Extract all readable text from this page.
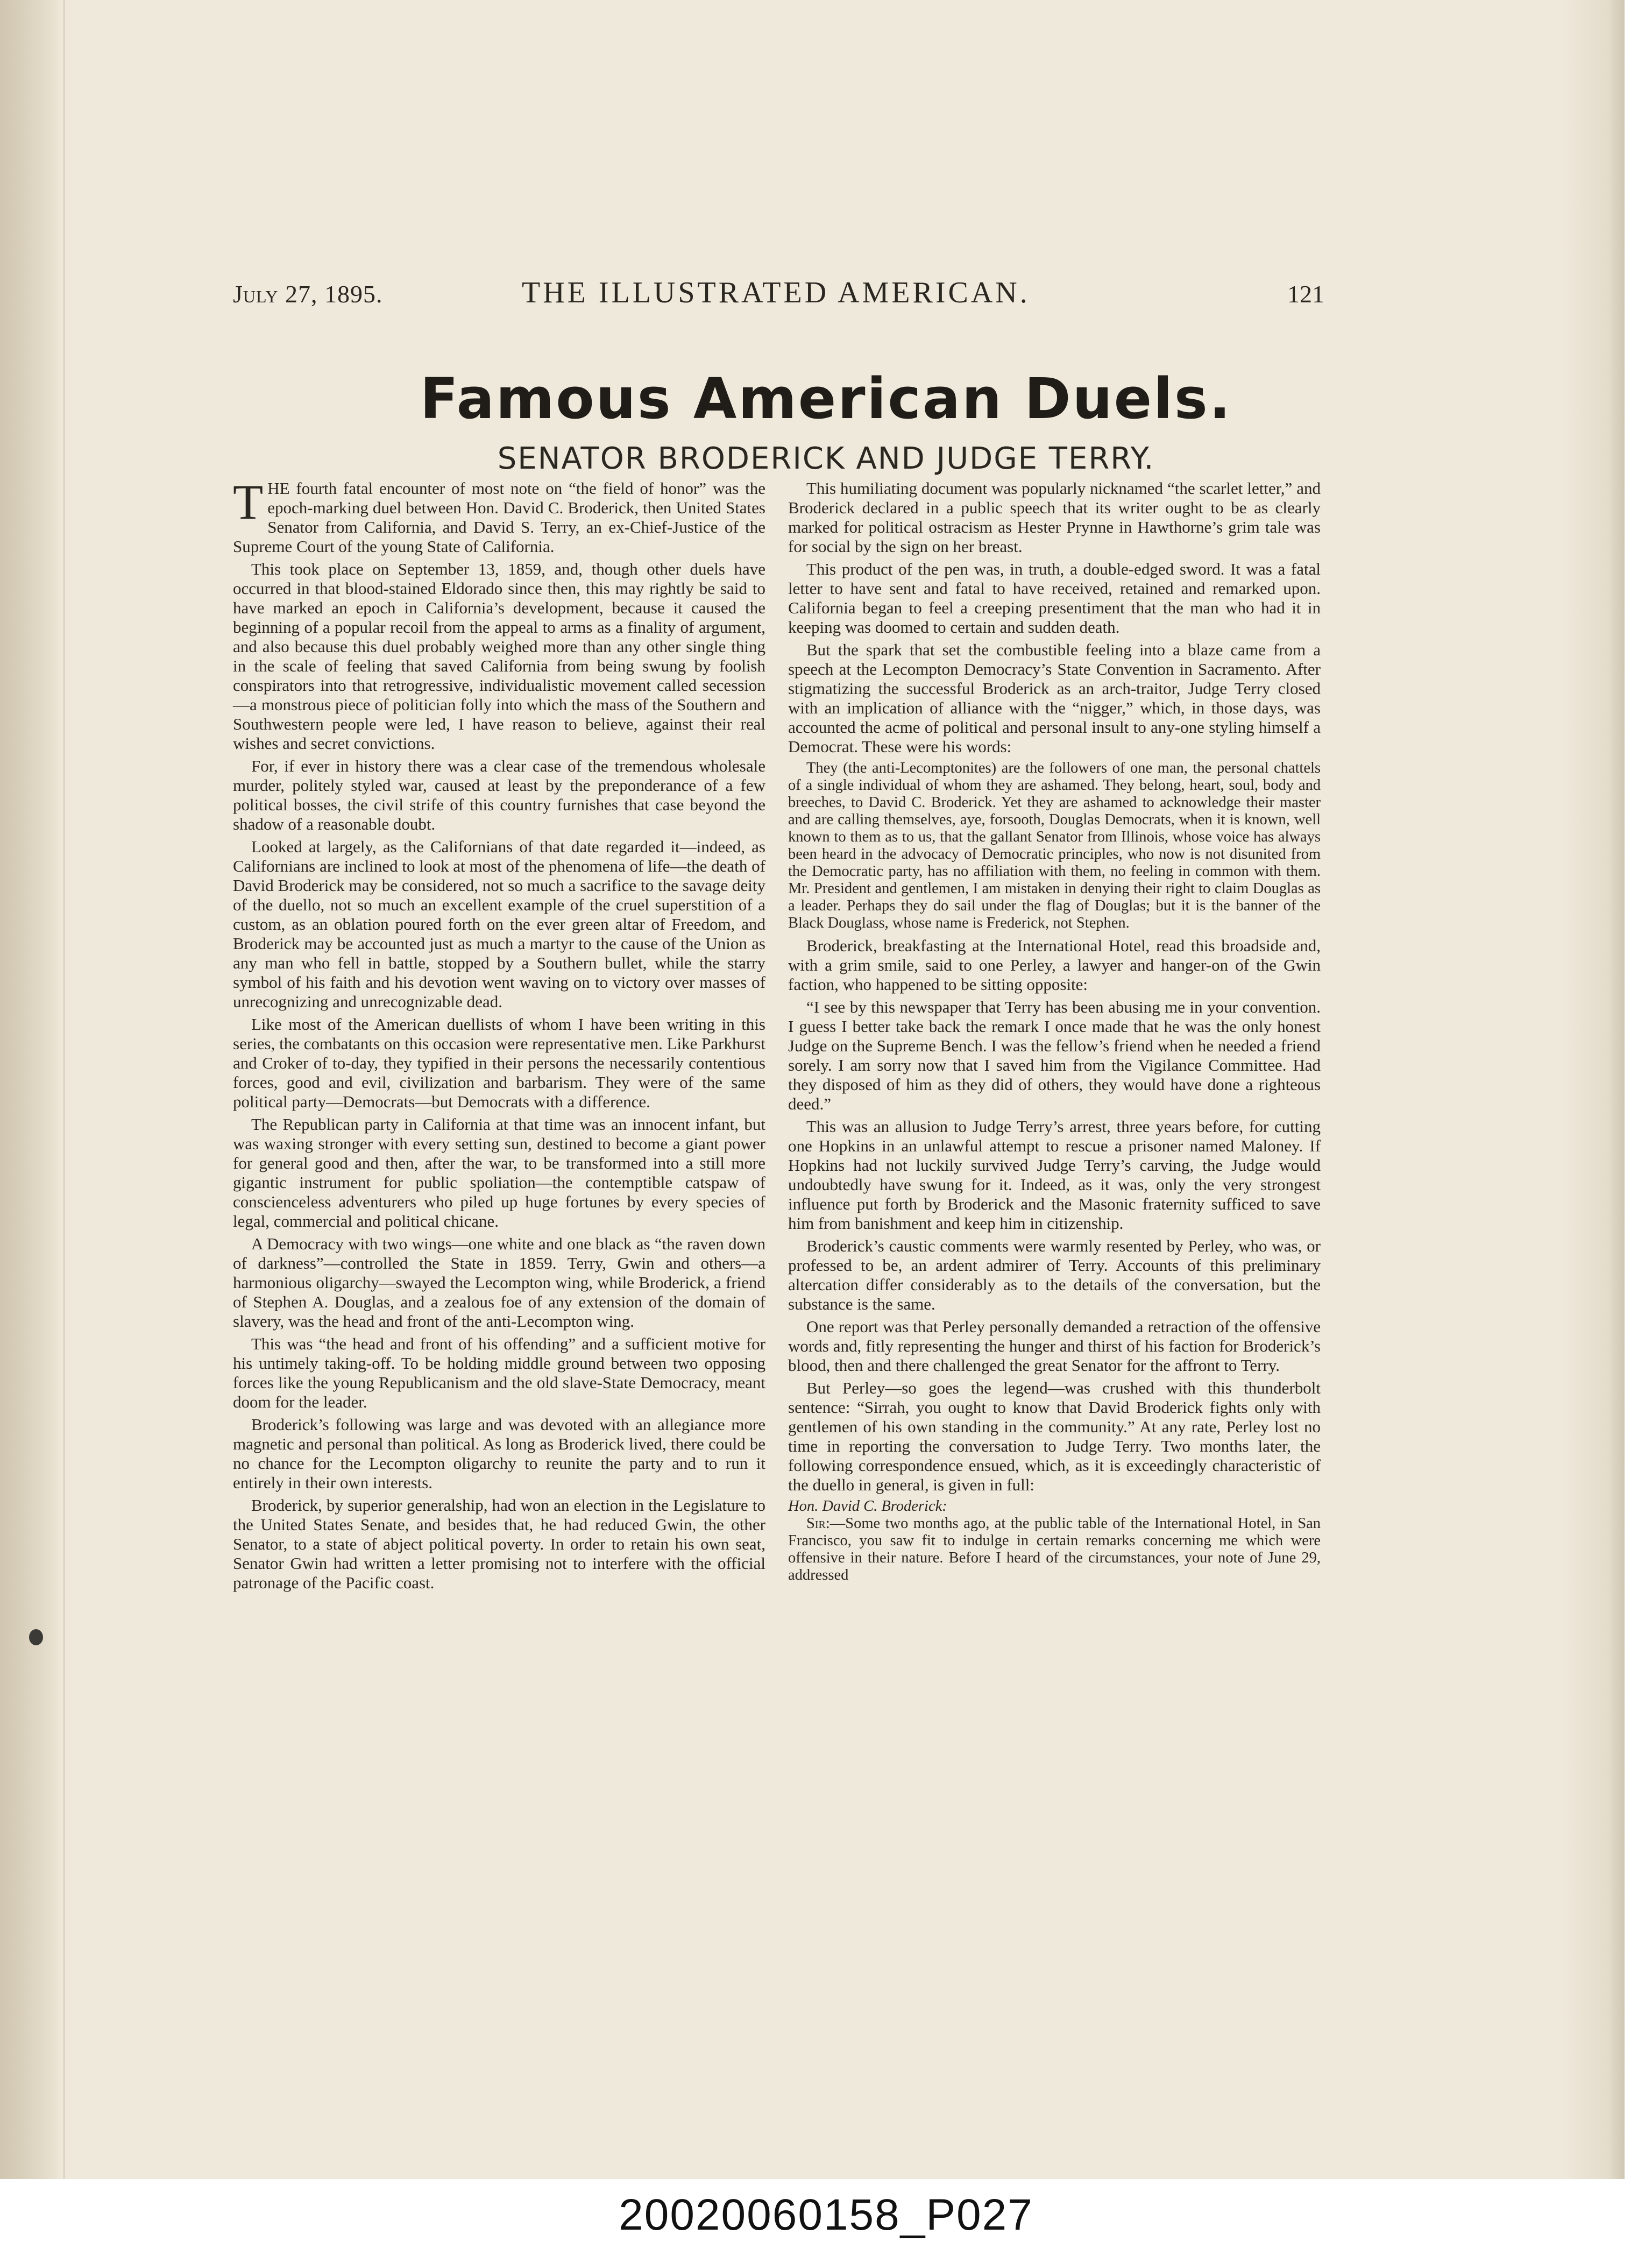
July 27, 1895.	THE ILLUSTRATED AMERICAN.	121
Famous American Duels.
SENATOR BRODERICK AND JUDGE TERRY.

THE fourth fatal encounter of most note on “the field of honor” was the epoch-marking duel between Hon. David C. Broderick, then United States Senator from California, and David S. Terry, an ex-Chief-Justice of the Supreme Court of the young State of California.

This took place on September 13, 1859, and, though other duels have occurred in that blood-stained Eldorado since then, this may rightly be said to have marked an epoch in California’s development, because it caused the beginning of a popular recoil from the appeal to arms as a finality of argument, and also because this duel probably weighed more than any other single thing in the scale of feeling that saved California from being swung by foolish conspirators into that retrogressive, individualistic movement called secession—a monstrous piece of politician folly into which the mass of the Southern and Southwestern people were led, I have reason to believe, against their real wishes and secret convictions.

For, if ever in history there was a clear case of the tremendous wholesale murder, politely styled war, caused at least by the preponderance of a few political bosses, the civil strife of this country furnishes that case beyond the shadow of a reasonable doubt.

Looked at largely, as the Californians of that date regarded it—indeed, as Californians are inclined to look at most of the phenomena of life—the death of David Broderick may be considered, not so much a sacrifice to the savage deity of the duello, not so much an excellent example of the cruel superstition of a custom, as an oblation poured forth on the ever green altar of Freedom, and Broderick may be accounted just as much a martyr to the cause of the Union as any man who fell in battle, stopped by a Southern bullet, while the starry symbol of his faith and his devotion went waving on to victory over masses of unrecognizing and unrecognizable dead.

Like most of the American duellists of whom I have been writing in this series, the combatants on this occasion were representative men. Like Parkhurst and Croker of to-day, they typified in their persons the necessarily contentious forces, good and evil, civilization and barbarism. They were of the same political party—Democrats—but Democrats with a difference.

The Republican party in California at that time was an innocent infant, but was waxing stronger with every setting sun, destined to become a giant power for general good and then, after the war, to be transformed into a still more gigantic instrument for public spoliation—the contemptible catspaw of conscienceless adventurers who piled up huge fortunes by every species of legal, commercial and political chicane.

A Democracy with two wings—one white and one black as “the raven down of darkness”—controlled the State in 1859. Terry, Gwin and others—a harmonious oligarchy—swayed the Lecompton wing, while Broderick, a friend of Stephen A. Douglas, and a zealous foe of any extension of the domain of slavery, was the head and front of the anti-Lecompton wing.

This was “the head and front of his offending” and a sufficient motive for his untimely taking-off. To be holding middle ground between two opposing forces like the young Republicanism and the old slave-State Democracy, meant doom for the leader.

Broderick’s following was large and was devoted with an allegiance more magnetic and personal than political. As long as Broderick lived, there could be no chance for the Lecompton oligarchy to reunite the party and to run it entirely in their own interests.

Broderick, by superior generalship, had won an election in the Legislature to the United States Senate, and besides that, he had reduced Gwin, the other Senator, to a state of abject political poverty. In order to retain his own seat, Senator Gwin had written a letter promising not to interfere with the official patronage of the Pacific coast.

This humiliating document was popularly nicknamed “the scarlet letter,” and Broderick declared in a public speech that its writer ought to be as clearly marked for political ostracism as Hester Prynne in Hawthorne’s grim tale was for social by the sign on her breast.

This product of the pen was, in truth, a double-edged sword. It was a fatal letter to have sent and fatal to have received, retained and remarked upon. California began to feel a creeping presentiment that the man who had it in keeping was doomed to certain and sudden death.

But the spark that set the combustible feeling into a blaze came from a speech at the Lecompton Democracy’s State Convention in Sacramento. After stigmatizing the successful Broderick as an arch-traitor, Judge Terry closed with an implication of alliance with the “nigger,” which, in those days, was accounted the acme of political and personal insult to any-one styling himself a Democrat. These were his words:

They (the anti-Lecomptonites) are the followers of one man, the personal chattels of a single individual of whom they are ashamed. They belong, heart, soul, body and breeches, to David C. Broderick. Yet they are ashamed to acknowledge their master and are calling themselves, aye, forsooth, Douglas Democrats, when it is known, well known to them as to us, that the gallant Senator from Illinois, whose voice has always been heard in the advocacy of Democratic principles, who now is not disunited from the Democratic party, has no affiliation with them, no feeling in common with them. Mr. President and gentlemen, I am mistaken in denying their right to claim Douglas as a leader. Perhaps they do sail under the flag of Douglas; but it is the banner of the Black Douglass, whose name is Frederick, not Stephen.

Broderick, breakfasting at the International Hotel, read this broadside and, with a grim smile, said to one Perley, a lawyer and hanger-on of the Gwin faction, who happened to be sitting opposite:

“I see by this newspaper that Terry has been abusing me in your convention. I guess I better take back the remark I once made that he was the only honest Judge on the Supreme Bench. I was the fellow’s friend when he needed a friend sorely. I am sorry now that I saved him from the Vigilance Committee. Had they disposed of him as they did of others, they would have done a righteous deed.”

This was an allusion to Judge Terry’s arrest, three years before, for cutting one Hopkins in an unlawful attempt to rescue a prisoner named Maloney. If Hopkins had not luckily survived Judge Terry’s carving, the Judge would undoubtedly have swung for it. Indeed, as it was, only the very strongest influence put forth by Broderick and the Masonic fraternity sufficed to save him from banishment and keep him in citizenship.

Broderick’s caustic comments were warmly resented by Perley, who was, or professed to be, an ardent admirer of Terry. Accounts of this preliminary altercation differ considerably as to the details of the conversation, but the substance is the same.

One report was that Perley personally demanded a retraction of the offensive words and, fitly representing the hunger and thirst of his faction for Broderick’s blood, then and there challenged the great Senator for the affront to Terry.

But Perley—so goes the legend—was crushed with this thunderbolt sentence: “Sirrah, you ought to know that David Broderick fights only with gentlemen of his own standing in the community.” At any rate, Perley lost no time in reporting the conversation to Judge Terry. Two months later, the following correspondence ensued, which, as it is exceedingly characteristic of the duello in general, is given in full:

Hon. David C. Broderick:

Sir:—Some two months ago, at the public table of the International Hotel, in San Francisco, you saw fit to indulge in certain remarks concerning me which were offensive in their nature. Before I heard of the circumstances, your note of June 29, addressed

20020060158_P027
